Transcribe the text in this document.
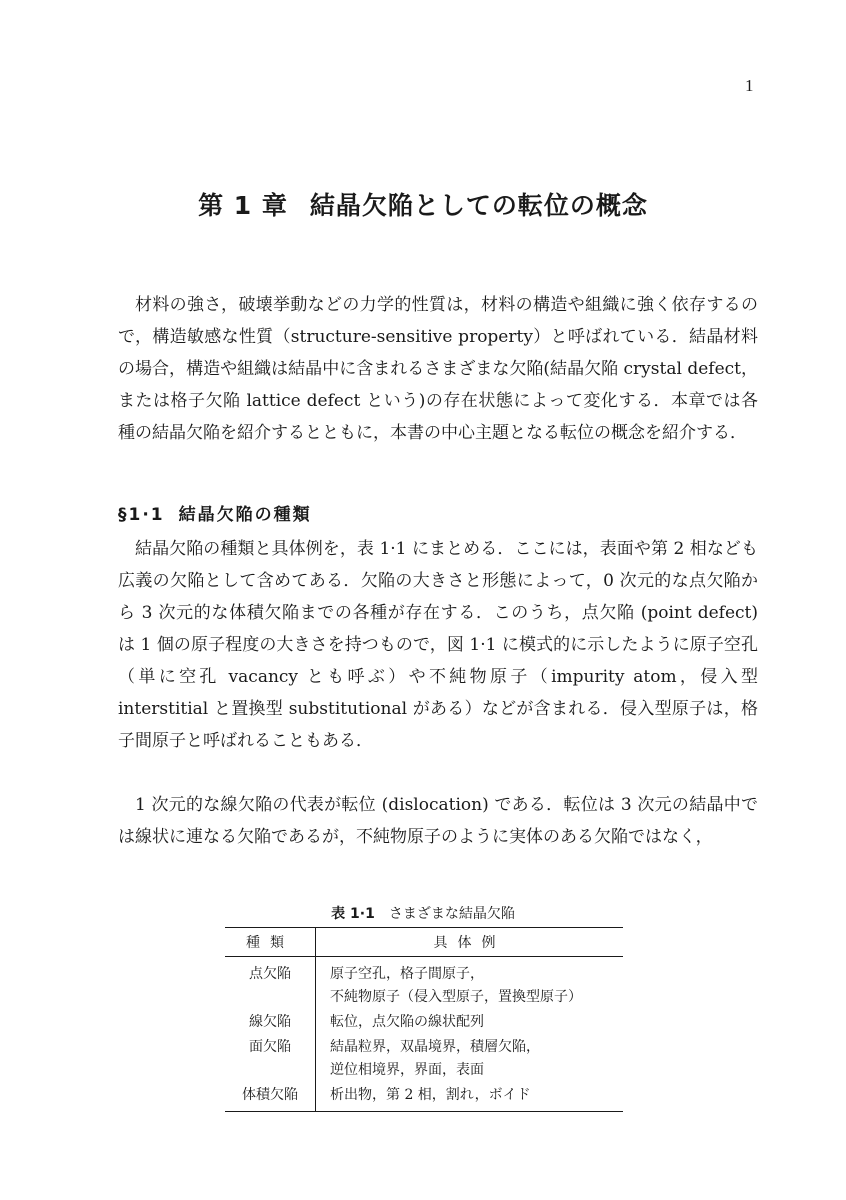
1
第 1 章 結晶欠陥としての転位の概念

材料の強さ，破壊挙動などの力学的性質は，材料の構造や組織に強く依存するので，構造敏感な性質（structure-sensitive property）と呼ばれている．結晶材料の場合，構造や組織は結晶中に含まれるさまざまな欠陥(結晶欠陥 crystal defect，または格子欠陥 lattice defect という)の存在状態によって変化する．本章では各種の結晶欠陥を紹介するとともに，本書の中心主題となる転位の概念を紹介する．

§1·1 結晶欠陥の種類

結晶欠陥の種類と具体例を，表 1·1 にまとめる．ここには，表面や第 2 相なども広義の欠陥として含めてある．欠陥の大きさと形態によって，0 次元的な点欠陥から 3 次元的な体積欠陥までの各種が存在する．このうち，点欠陥 (point defect) は 1 個の原子程度の大きさを持つもので，図 1·1 に模式的に示したように原子空孔（単に空孔 vacancy とも呼ぶ）や不純物原子（impurity atom，侵入型 interstitial と置換型 substitutional がある）などが含まれる．侵入型原子は，格子間原子と呼ばれることもある．

1 次元的な線欠陥の代表が転位 (dislocation) である．転位は 3 次元の結晶中では線状に連なる欠陥であるが，不純物原子のように実体のある欠陥ではなく，

表 1·1 さまざまな結晶欠陥
種類	具体例
点欠陥	原子空孔，格子間原子，
不純物原子（侵入型原子，置換型原子）

線欠陥	転位，点欠陥の線状配列

面欠陥	結晶粒界，双晶境界，積層欠陥，
逆位相境界，界面，表面

体積欠陥	析出物，第 2 相，割れ，ボイド
